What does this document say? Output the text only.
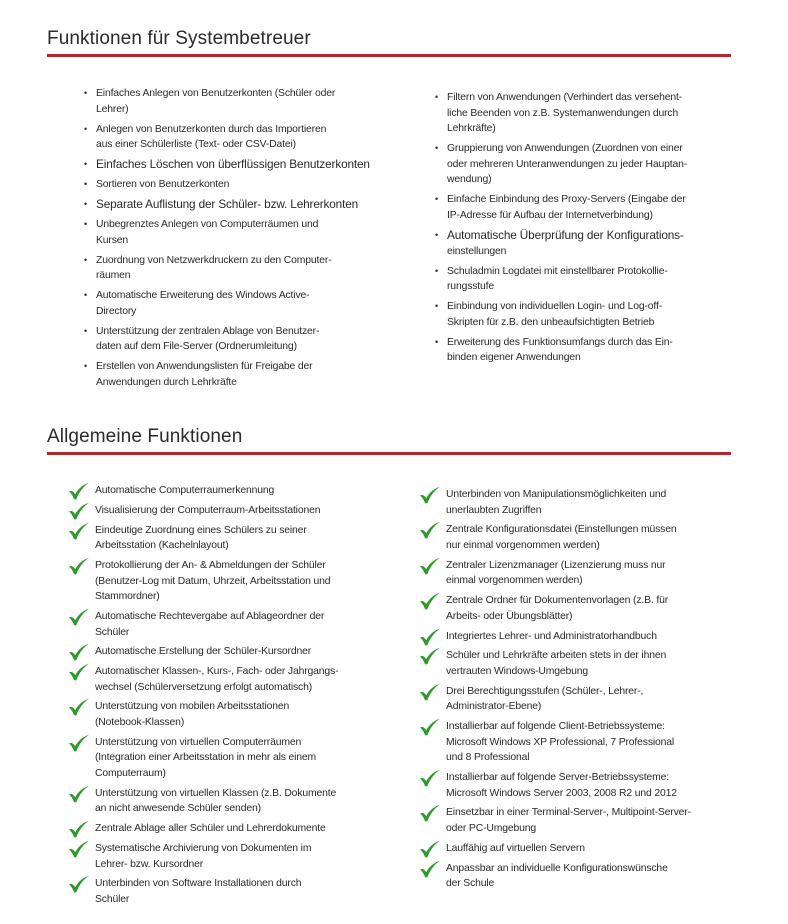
Funktionen für Systembetreuer
• Einfaches Anlegen von Benutzerkonten (Schüler oder
Lehrer)
• Anlegen von Benutzerkonten durch das Importieren
aus einer Schülerliste (Text- oder CSV-Datei)
• Einfaches Löschen von überflüssigen Benutzerkonten
• Sortieren von Benutzerkonten
• Separate Auflistung der Schüler- bzw. Lehrerkonten
• Unbegrenztes Anlegen von Computerräumen und
Kursen
• Zuordnung von Netzwerkdruckern zu den Computer-
räumen
• Automatische Erweiterung des Windows Active-
Directory
• Unterstützung der zentralen Ablage von Benutzer-
daten auf dem File-Server (Ordnerumleitung)
• Erstellen von Anwendungslisten für Freigabe der
Anwendungen durch Lehrkräfte
• Filtern von Anwendungen (Verhindert das versehent-
liche Beenden von z.B. Systemanwendungen durch
Lehrkräfte)
• Gruppierung von Anwendungen (Zuordnen von einer
oder mehreren Unteranwendungen zu jeder Hauptan-
wendung)
• Einfache Einbindung des Proxy-Servers (Eingabe der
IP-Adresse für Aufbau der Internetverbindung)
• Automatische Überprüfung der Konfigurations-
einstellungen
• Schuladmin Logdatei mit einstellbarer Protokollie-
rungsstufe
• Einbindung von individuellen Login- und Log-off-
Skripten für z.B. den unbeaufsichtigten Betrieb
• Erweiterung des Funktionsumfangs durch das Ein-
binden eigener Anwendungen
Allgemeine Funktionen
Automatische Computerraumerkennung
Visualisierung der Computerraum-Arbeitsstationen
Eindeutige Zuordnung eines Schülers zu seiner
Arbeitsstation (Kachelnlayout)
Protokollierung der An- & Abmeldungen der Schüler
(Benutzer-Log mit Datum, Uhrzeit, Arbeitsstation und
Stammordner)
Automatische Rechtevergabe auf Ablageordner der
Schüler
Automatische Erstellung der Schüler-Kursordner
Automatischer Klassen-, Kurs-, Fach- oder Jahrgangs-
wechsel (Schülerversetzung erfolgt automatisch)
Unterstützung von mobilen Arbeitsstationen
(Notebook-Klassen)
Unterstützung von virtuellen Computerräumen
(Integration einer Arbeitsstation in mehr als einem
Computerraum)
Unterstützung von virtuellen Klassen (z.B. Dokumente
an nicht anwesende Schüler senden)
Zentrale Ablage aller Schüler und Lehrerdokumente
Systematische Archivierung von Dokumenten im
Lehrer- bzw. Kursordner
Unterbinden von Software Installationen durch
Schüler
Unterbinden von Manipulationsmöglichkeiten und
unerlaubten Zugriffen
Zentrale Konfigurationsdatei (Einstellungen müssen
nur einmal vorgenommen werden)
Zentraler Lizenzmanager (Lizenzierung muss nur
einmal vorgenommen werden)
Zentrale Ordner für Dokumentenvorlagen (z.B. für
Arbeits- oder Übungsblätter)
Integriertes Lehrer- und Administratorhandbuch
Schüler und Lehrkräfte arbeiten stets in der ihnen
vertrauten Windows-Umgebung
Drei Berechtigungsstufen (Schüler-, Lehrer-,
Administrator-Ebene)
Installierbar auf folgende Client-Betriebssysteme:
Microsoft Windows XP Professional, 7 Professional
und 8 Professional
Installierbar auf folgende Server-Betriebssysteme:
Microsoft Windows Server 2003, 2008 R2 und 2012
Einsetzbar in einer Terminal-Server-, Multipoint-Server-
oder PC-Umgebung
Lauffähig auf virtuellen Servern
Anpassbar an individuelle Konfigurationswünsche
der Schule
